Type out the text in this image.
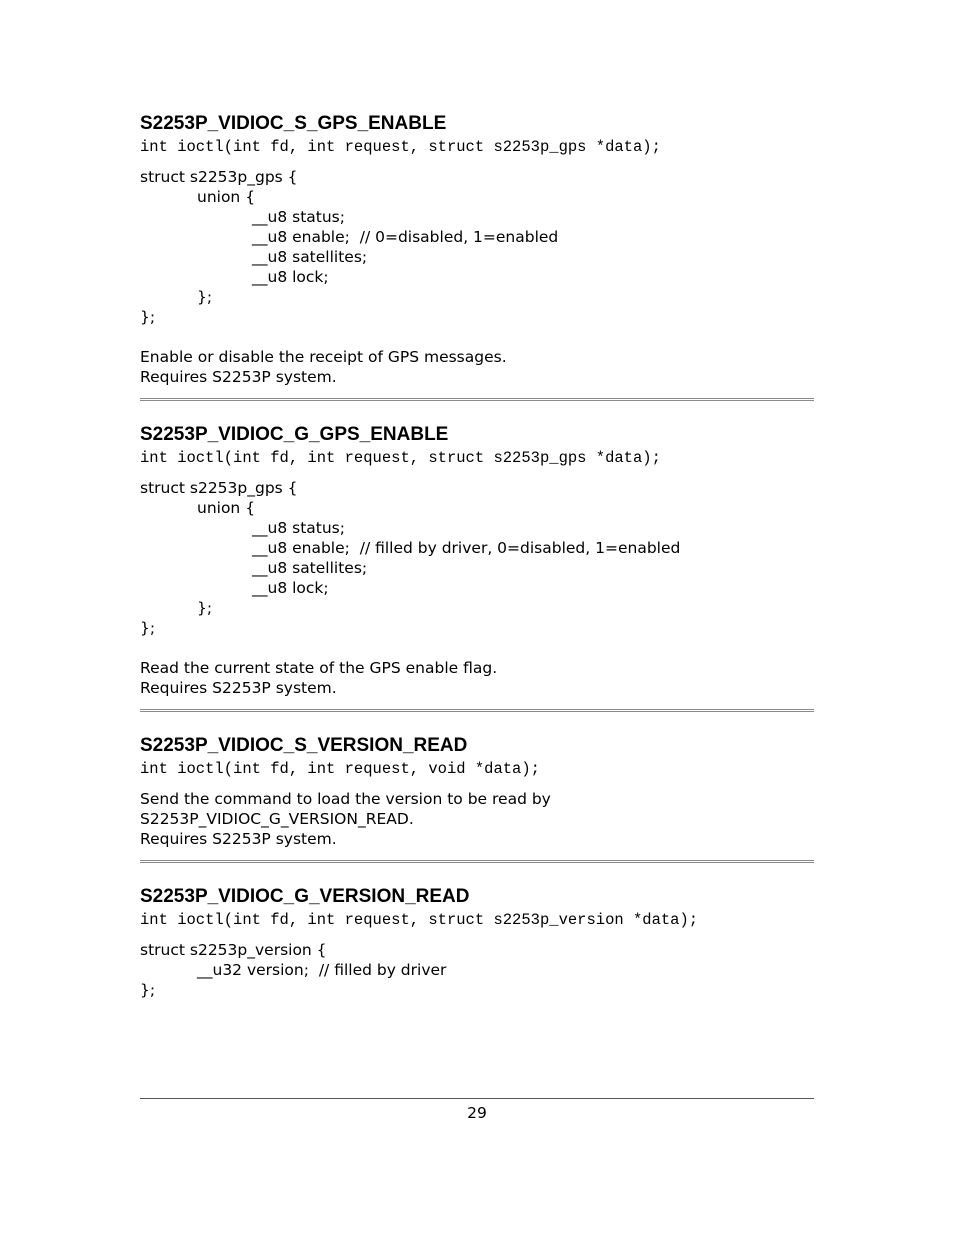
S2253P_VIDIOC_S_GPS_ENABLE
int ioctl(int fd, int request, struct s2253p_gps *data);
struct s2253p_gps {
union {
__u8 status;
__u8 enable;  // 0=disabled, 1=enabled
__u8 satellites;
__u8 lock;
};
};
Enable or disable the receipt of GPS messages.
Requires S2253P system.
S2253P_VIDIOC_G_GPS_ENABLE
int ioctl(int fd, int request, struct s2253p_gps *data);
struct s2253p_gps {
union {
__u8 status;
__u8 enable;  // filled by driver, 0=disabled, 1=enabled
__u8 satellites;
__u8 lock;
};
};
Read the current state of the GPS enable flag.
Requires S2253P system.
S2253P_VIDIOC_S_VERSION_READ
int ioctl(int fd, int request, void *data);
Send the command to load the version to be read by
S2253P_VIDIOC_G_VERSION_READ.
Requires S2253P system.
S2253P_VIDIOC_G_VERSION_READ
int ioctl(int fd, int request, struct s2253p_version *data);
struct s2253p_version {
__u32 version;  // filled by driver
};
29
